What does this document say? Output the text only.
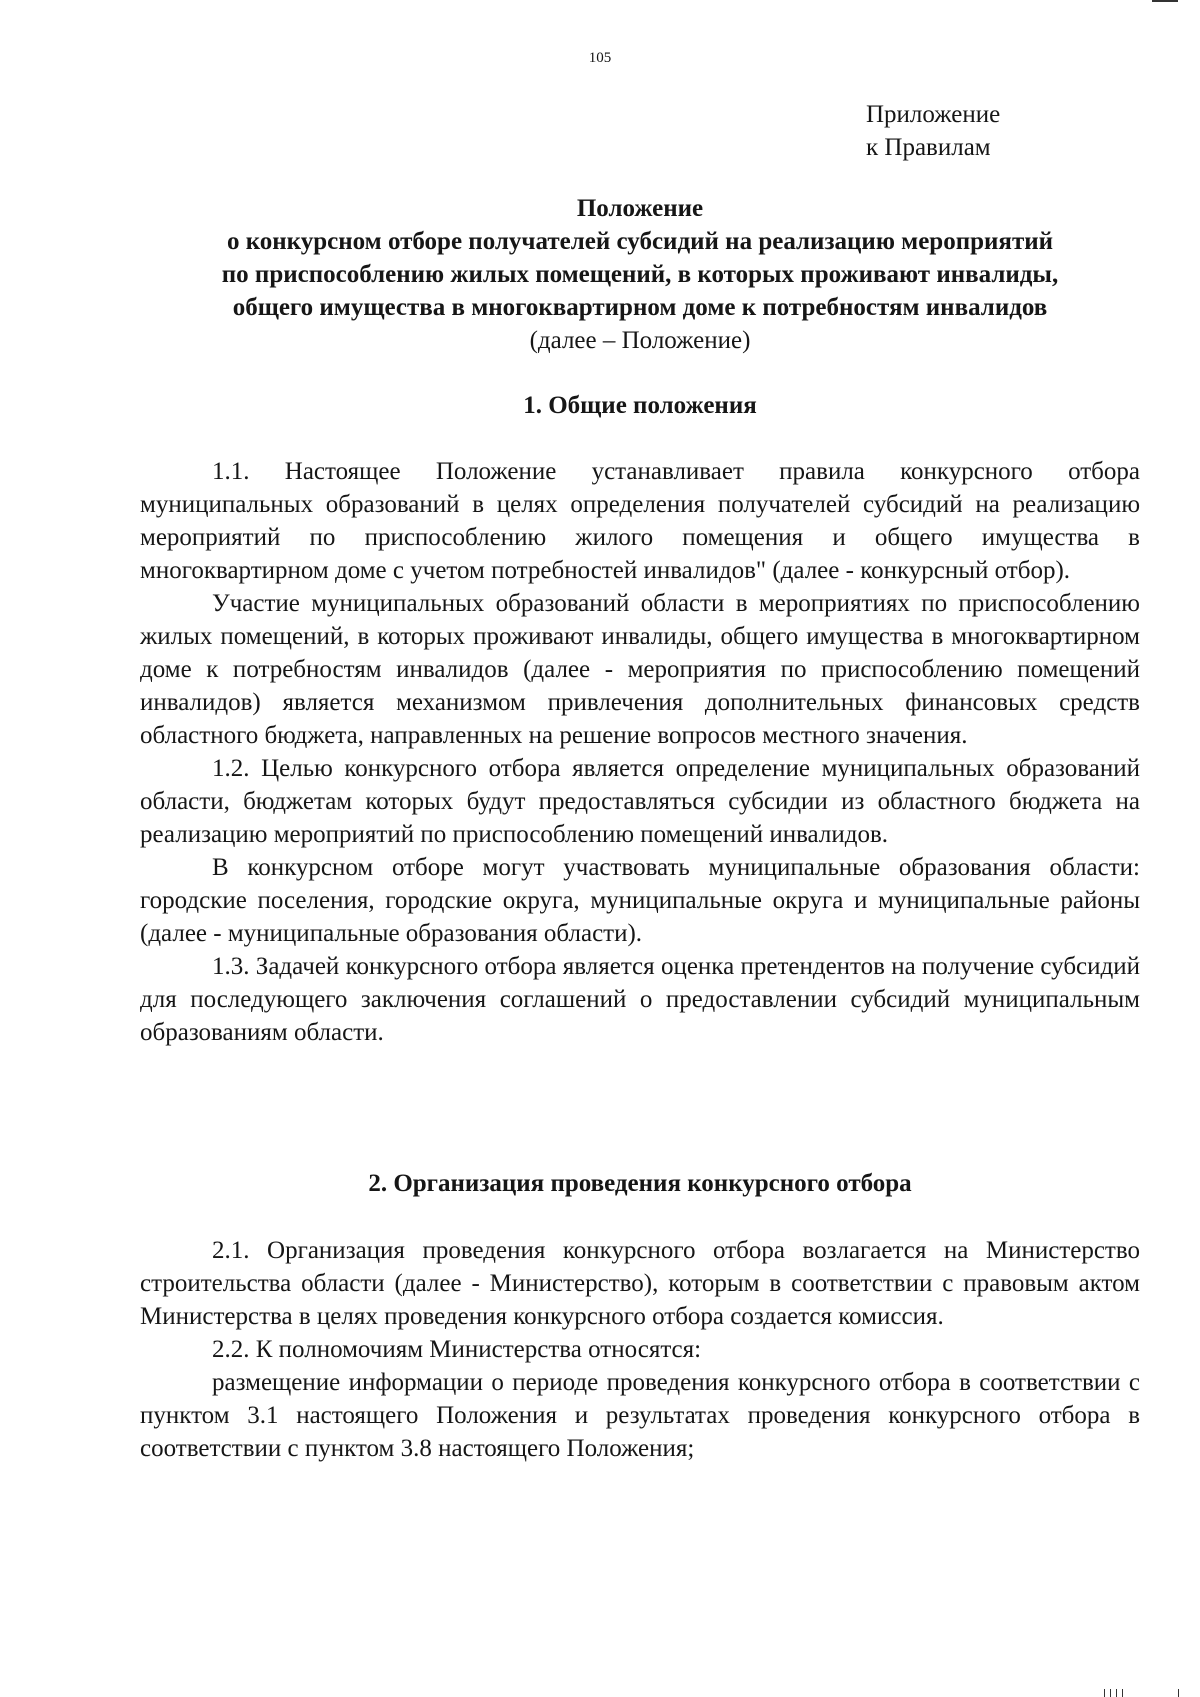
105
Приложение
к Правилам
Положение
о конкурсном отборе получателей субсидий на реализацию мероприятий
по приспособлению жилых помещений, в которых проживают инвалиды,
общего имущества в многоквартирном доме к потребностям инвалидов
(далее – Положение)
1. Общие положения

1.1. Настоящее Положение устанавливает правила конкурсного отбора муниципальных образований в целях определения получателей субсидий на реализацию мероприятий по приспособлению жилого помещения и общего имущества в многоквартирном доме с учетом потребностей инвалидов" (далее - конкурсный отбор).

Участие муниципальных образований области в мероприятиях по приспособлению жилых помещений, в которых проживают инвалиды, общего имущества в многоквартирном доме к потребностям инвалидов (далее - мероприятия по приспособлению помещений инвалидов) является механизмом привлечения дополнительных финансовых средств областного бюджета, направленных на решение вопросов местного значения.

1.2. Целью конкурсного отбора является определение муниципальных образований области, бюджетам которых будут предоставляться субсидии из областного бюджета на реализацию мероприятий по приспособлению помещений инвалидов.

В конкурсном отборе могут участвовать муниципальные образования области: городские поселения, городские округа, муниципальные округа и муниципальные районы (далее - муниципальные образования области).

1.3. Задачей конкурсного отбора является оценка претендентов на получение субсидий для последующего заключения соглашений о предоставлении субсидий муниципальным образованиям области.

2. Организация проведения конкурсного отбора

2.1. Организация проведения конкурсного отбора возлагается на Министерство строительства области (далее - Министерство), которым в соответствии с правовым актом Министерства в целях проведения конкурсного отбора создается комиссия.

2.2. К полномочиям Министерства относятся:

размещение информации о периоде проведения конкурсного отбора в соответствии с пунктом 3.1 настоящего Положения и результатах проведения конкурсного отбора в соответствии с пунктом 3.8 настоящего Положения;
